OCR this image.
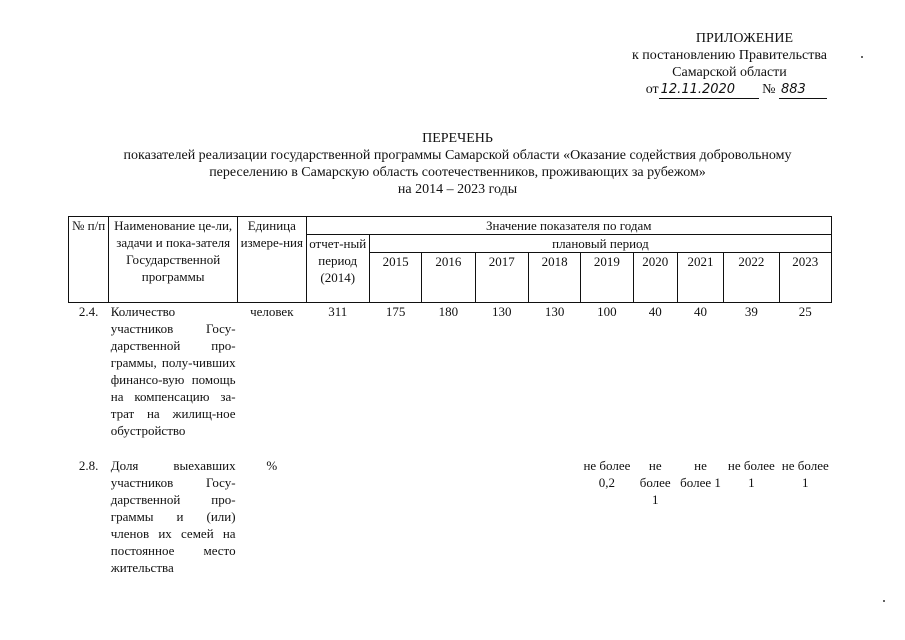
ПРИЛОЖЕНИЕ
к постановлению Правительства
Самарской области
от 12.11.2020 № 883
ПЕРЕЧЕНЬ
показателей реализации государственной программы Самарской области «Оказание содействия добровольному
переселению в Самарскую область соотечественников, проживающих за рубежом»
на 2014 – 2023 годы
№ п/п	Наименование це-ли, задачи и пока-зателя Государственной программы	Единица измере-ния	Значение показателя по годам									
			отчет-ный период (2014)	плановый период								
				2015	2016	2017	2018	2019	2020	2021	2022	2023
2.4.	Количество участников Госу-дарственной про-граммы, полу-чивших финансо-вую помощь на компенсацию за-трат на жилищ-ное обустройство	человек	311	175	180	130	130	100	40	40	39	25
2.8.	Доля выехавших участников Госу-дарственной про-граммы и (или) членов их семей на постоянное место жительства	%						не более 0,2	не более 1	не более 1	не более 1	не более 1
